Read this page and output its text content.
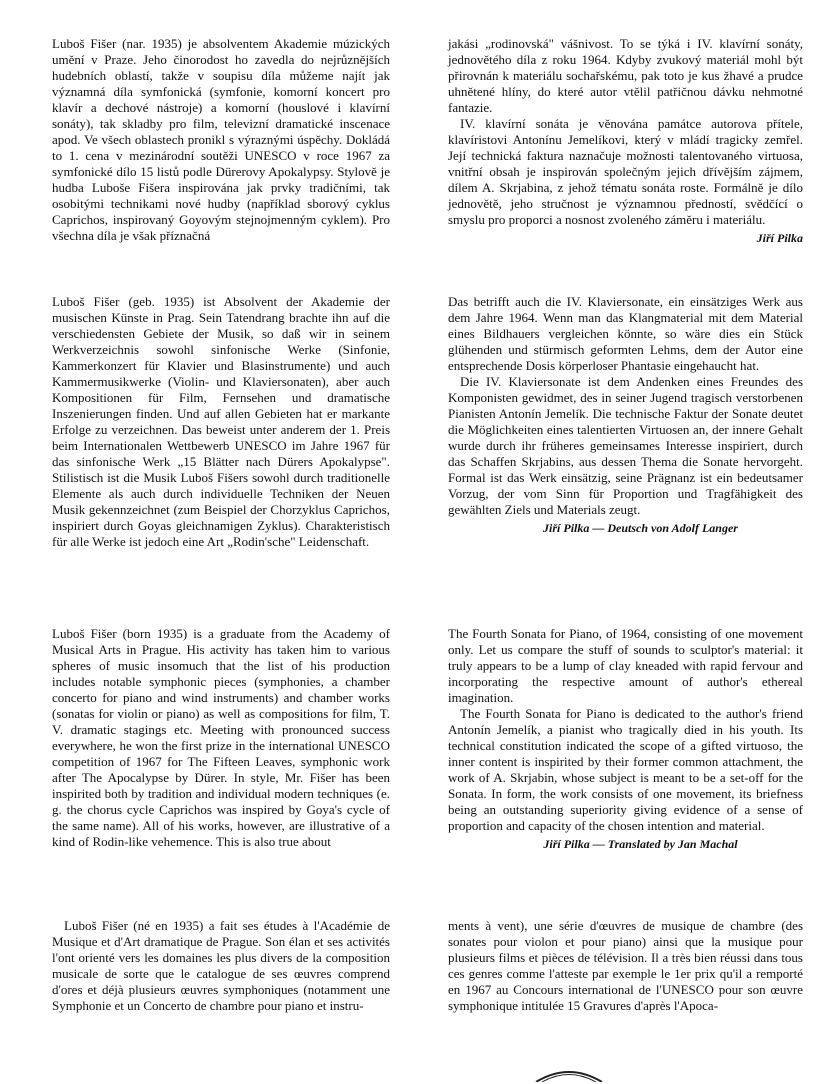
Luboš Fišer (nar. 1935) je absolventem Akademie múzických umění v Praze. Jeho činorodost ho zavedla do nejrůznějších hudebních oblastí, takže v soupisu díla můžeme najít jak významná díla symfonická (symfonie, komorní koncert pro klavír a dechové nástroje) a komorní (houslové i klavírní sonáty), tak skladby pro film, televizní dramatické inscenace apod. Ve všech oblastech pronikl s výraznými úspěchy. Dokládá to 1. cena v mezinárodní soutěži UNESCO v roce 1967 za symfonické dílo 15 listů podle Dürerovy Apokalypsy. Stylově je hudba Luboše Fišera inspirována jak prvky tradičními, tak osobitými technikami nové hudby (například sborový cyklus Caprichos, inspirovaný Goyovým stejnojmenným cyklem). Pro všechna díla je však příznačná

jakási „rodinovská" vášnivost. To se týká i IV. klavírní sonáty, jednovětého díla z roku 1964. Kdyby zvukový materiál mohl být přirovnán k materiálu sochařskému, pak toto je kus žhavé a prudce uhnětené hlíny, do které autor vtělil patřičnou dávku nehmotné fantazie.

IV. klavírní sonáta je věnována památce autorova přítele, klavíristovi Antonínu Jemelíkovi, který v mládí tragicky zemřel. Její technická faktura naznačuje možnosti talentovaného virtuosa, vnitřní obsah je inspirován společným jejich dřívějším zájmem, dílem A. Skrjabina, z jehož tématu sonáta roste. Formálně je dílo jednovětě, jeho stručnost je významnou předností, svědčící o smyslu pro proporci a nosnost zvoleného záměru i materiálu.

Jiří Pilka

Luboš Fišer (geb. 1935) ist Absolvent der Akademie der musischen Künste in Prag. Sein Tatendrang brachte ihn auf die verschiedensten Gebiete der Musik, so daß wir in seinem Werkverzeichnis sowohl sinfonische Werke (Sinfonie, Kammerkonzert für Klavier und Blasinstrumente) und auch Kammermusikwerke (Violin- und Klaviersonaten), aber auch Kompositionen für Film, Fernsehen und dramatische Inszenierungen finden. Und auf allen Gebieten hat er markante Erfolge zu verzeichnen. Das beweist unter anderem der 1. Preis beim Internationalen Wettbewerb UNESCO im Jahre 1967 für das sinfonische Werk „15 Blätter nach Dürers Apokalypse". Stilistisch ist die Musik Luboš Fišers sowohl durch traditionelle Elemente als auch durch individuelle Techniken der Neuen Musik gekennzeichnet (zum Beispiel der Chorzyklus Caprichos, inspiriert durch Goyas gleichnamigen Zyklus). Charakteristisch für alle Werke ist jedoch eine Art „Rodin'sche" Leidenschaft.

Das betrifft auch die IV. Klaviersonate, ein einsätziges Werk aus dem Jahre 1964. Wenn man das Klangmaterial mit dem Material eines Bildhauers vergleichen könnte, so wäre dies ein Stück glühenden und stürmisch geformten Lehms, dem der Autor eine entsprechende Dosis körperloser Phantasie eingehaucht hat.

Die IV. Klaviersonate ist dem Andenken eines Freundes des Komponisten gewidmet, des in seiner Jugend tragisch verstorbenen Pianisten Antonín Jemelík. Die technische Faktur der Sonate deutet die Möglichkeiten eines talentierten Virtuosen an, der innere Gehalt wurde durch ihr früheres gemeinsames Interesse inspiriert, durch das Schaffen Skrjabins, aus dessen Thema die Sonate hervorgeht. Formal ist das Werk einsätzig, seine Prägnanz ist ein bedeutsamer Vorzug, der vom Sinn für Proportion und Tragfähigkeit des gewählten Ziels und Materials zeugt.

Jiří Pilka — Deutsch von Adolf Langer

Luboš Fišer (born 1935) is a graduate from the Academy of Musical Arts in Prague. His activity has taken him to various spheres of music insomuch that the list of his production includes notable symphonic pieces (symphonies, a chamber concerto for piano and wind instruments) and chamber works (sonatas for violin or piano) as well as compositions for film, T. V. dramatic stagings etc. Meeting with pronounced success everywhere, he won the first prize in the international UNESCO competition of 1967 for The Fifteen Leaves, symphonic work after The Apocalypse by Dürer. In style, Mr. Fišer has been inspirited both by tradition and individual modern techniques (e. g. the chorus cycle Caprichos was inspired by Goya's cycle of the same name). All of his works, however, are illustrative of a kind of Rodin-like vehemence. This is also true about

The Fourth Sonata for Piano, of 1964, consisting of one movement only. Let us compare the stuff of sounds to sculptor's material: it truly appears to be a lump of clay kneaded with rapid fervour and incorporating the respective amount of author's ethereal imagination.

The Fourth Sonata for Piano is dedicated to the author's friend Antonín Jemelík, a pianist who tragically died in his youth. Its technical constitution indicated the scope of a gifted virtuoso, the inner content is inspirited by their former common attachment, the work of A. Skrjabin, whose subject is meant to be a set-off for the Sonata. In form, the work consists of one movement, its briefness being an outstanding superiority giving evidence of a sense of proportion and capacity of the chosen intention and material.

Jiří Pilka — Translated by Jan Machal

Luboš Fišer (né en 1935) a fait ses études à l'Académie de Musique et d'Art dramatique de Prague. Son élan et ses activités l'ont orienté vers les domaines les plus divers de la composition musicale de sorte que le catalogue de ses œuvres comprend d'ores et déjà plusieurs œuvres symphoniques (notamment une Symphonie et un Concerto de chambre pour piano et instru-

ments à vent), une série d'œuvres de musique de chambre (des sonates pour violon et pour piano) ainsi que la musique pour plusieurs films et pièces de télévision. Il a très bien réussi dans tous ces genres comme l'atteste par exemple le 1er prix qu'il a remporté en 1967 au Concours international de l'UNESCO pour son œuvre symphonique intitulée 15 Gravures d'après l'Apoca-
